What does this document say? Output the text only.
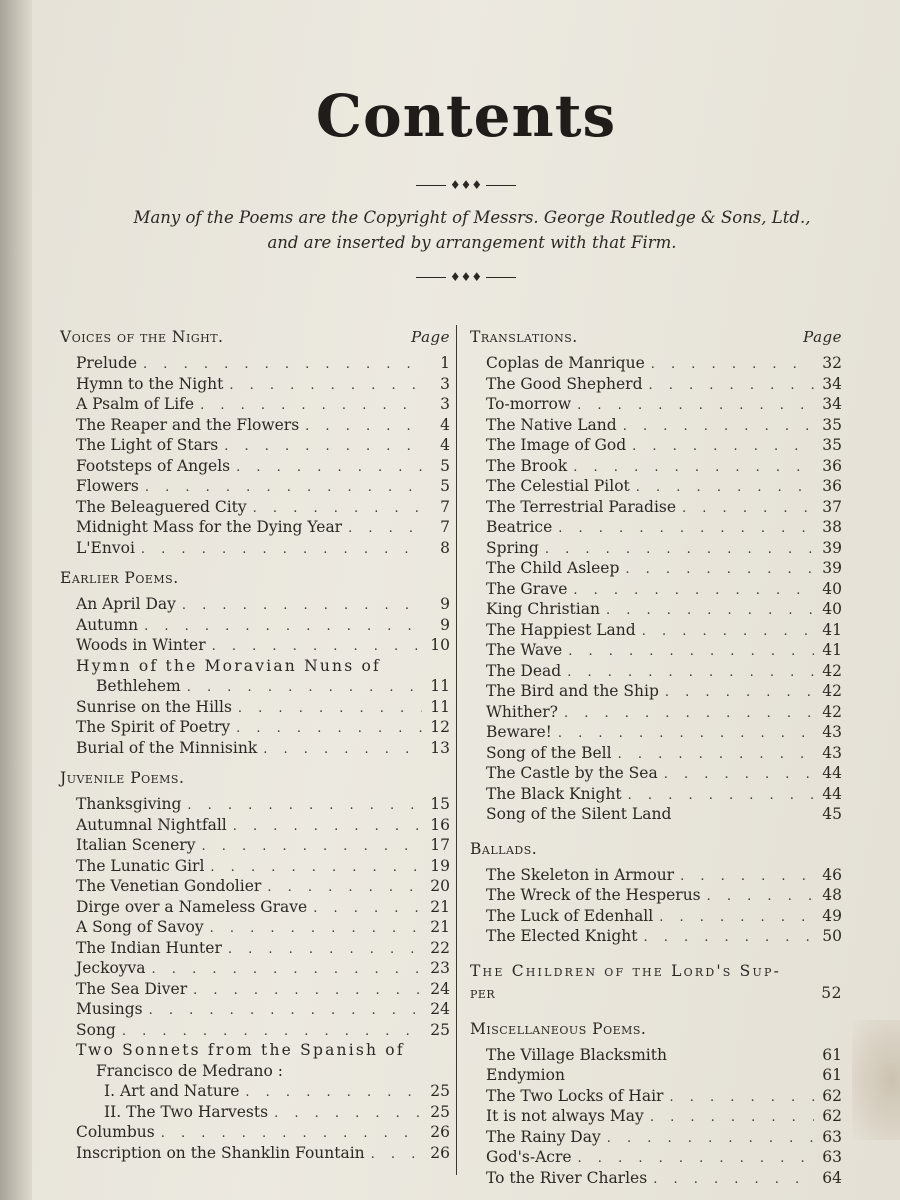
Contents
♦♦♦
Many of the Poems are the Copyright of Messrs. George Routledge & Sons, Ltd.,
and are inserted by arrangement with that Firm.
♦♦♦
Voices of the Night.	Page
Prelude . . .	1
Hymn to the Night . . .	3
A Psalm of Life . . .	3
The Reaper and the Flowers . . .	4
The Light of Stars . . .	4
Footsteps of Angels . . .	5
Flowers . . .	5
The Beleaguered City . . .	7
Midnight Mass for the Dying Year . . .	7
L'Envoi . . .	8
Earlier Poems.
An April Day . . .	9
Autumn . . .	9
Woods in Winter . . .	10
Hymn of the Moravian Nuns of
Bethlehem . . .	11
Sunrise on the Hills . . .	11
The Spirit of Poetry . . .	12
Burial of the Minnisink . . .	13
Juvenile Poems.
Thanksgiving . . .	15
Autumnal Nightfall . . .	16
Italian Scenery . . .	17
The Lunatic Girl . . .	19
The Venetian Gondolier . . .	20
Dirge over a Nameless Grave . . .	21
A Song of Savoy . . .	21
The Indian Hunter . . .	22
Jeckoyva . . .	23
The Sea Diver . . .	24
Musings . . .	24
Song . . .	25
Two Sonnets from the Spanish of
Francisco de Medrano :
I. Art and Nature . . .	25
II. The Two Harvests . . .	25
Columbus . . .	26
Inscription on the Shanklin Fountain . . .	26
Translations.	Page
Coplas de Manrique . . .	32
The Good Shepherd . . .	34
To-morrow . . .	34
The Native Land . . .	35
The Image of God . . .	35
The Brook . . .	36
The Celestial Pilot . . .	36
The Terrestrial Paradise . . .	37
Beatrice . . .	38
Spring . . .	39
The Child Asleep . . .	39
The Grave . . .	40
King Christian . . .	40
The Happiest Land . . .	41
The Wave . . .	41
The Dead . . .	42
The Bird and the Ship . . .	42
Whither? . . .	42
Beware! . . .	43
Song of the Bell . . .	43
The Castle by the Sea . . .	44
The Black Knight . . .	44
Song of the Silent Land	45
Ballads.
The Skeleton in Armour . . .	46
The Wreck of the Hesperus . . .	48
The Luck of Edenhall . . .	49
The Elected Knight . . .	50
The Children of the Lord's Sup-
per	52
Miscellaneous Poems.
The Village Blacksmith	61
Endymion	61
The Two Locks of Hair . . .	62
It is not always May . . .	62
The Rainy Day . . .	63
God's-Acre . . .	63
To the River Charles . . .	64
